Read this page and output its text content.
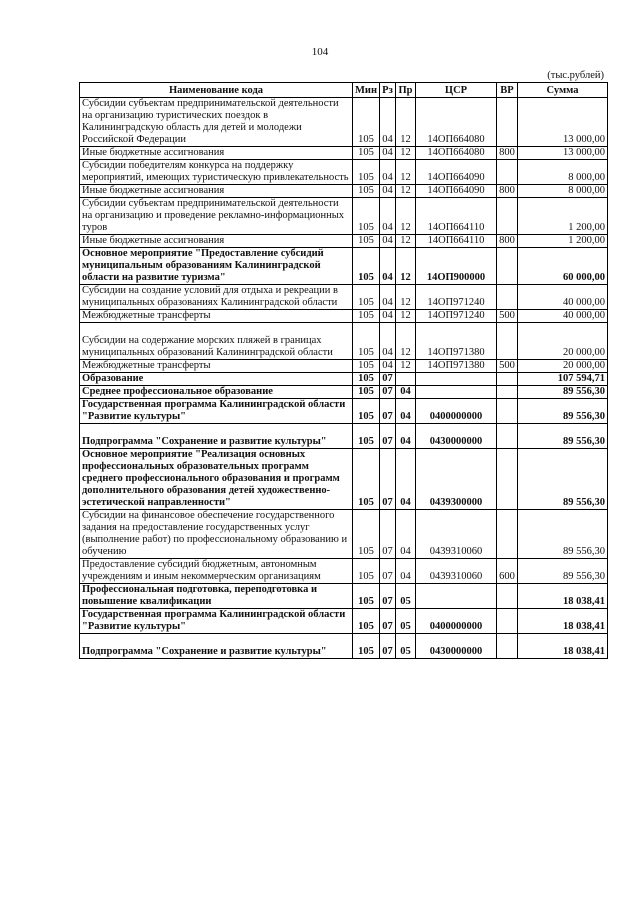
104
(тыс.рублей)
Наименование кода	Мин	Рз	Пр	ЦСР	ВР	Сумма
Субсидии субъектам предпринимательской деятельности на организацию туристических поездок в Калининградскую область для детей и молодежи Российской Федерации	105	04	12	14ОП664080		13 000,00
Иные бюджетные ассигнования	105	04	12	14ОП664080	800	13 000,00
Субсидии победителям конкурса на поддержку мероприятий, имеющих туристическую привлекательность	105	04	12	14ОП664090		8 000,00
Иные бюджетные ассигнования	105	04	12	14ОП664090	800	8 000,00
Субсидии субъектам предпринимательской деятельности на организацию и проведение рекламно-информационных туров	105	04	12	14ОП664110		1 200,00
Иные бюджетные ассигнования	105	04	12	14ОП664110	800	1 200,00
Основное мероприятие "Предоставление субсидий муниципальным образованиям Калининградской области на развитие туризма"	105	04	12	14ОП900000		60 000,00
Субсидии на создание условий для отдыха и рекреации в муниципальных образованиях Калининградской области	105	04	12	14ОП971240		40 000,00
Межбюджетные трансферты	105	04	12	14ОП971240	500	40 000,00
Субсидии на содержание морских пляжей в границах муниципальных образований Калининградской области	105	04	12	14ОП971380		20 000,00
Межбюджетные трансферты	105	04	12	14ОП971380	500	20 000,00
Образование	105	07				107 594,71
Среднее профессиональное образование	105	07	04			89 556,30
Государственная программа Калининградской области "Развитие культуры"	105	07	04	0400000000		89 556,30
Подпрограмма "Сохранение и развитие культуры"	105	07	04	0430000000		89 556,30
Основное мероприятие "Реализация основных профессиональных образовательных программ среднего профессионального образования и программ дополнительного образования детей художественно-эстетической направленности"	105	07	04	0439300000		89 556,30
Субсидии на финансовое обеспечение государственного задания на предоставление государственных услуг (выполнение работ) по профессиональному образованию и обучению	105	07	04	0439310060		89 556,30
Предоставление субсидий бюджетным, автономным учреждениям и иным некоммерческим организациям	105	07	04	0439310060	600	89 556,30
Профессиональная подготовка, переподготовка и повышение квалификации	105	07	05			18 038,41
Государственная программа Калининградской области "Развитие культуры"	105	07	05	0400000000		18 038,41
Подпрограмма "Сохранение и развитие культуры"	105	07	05	0430000000		18 038,41
